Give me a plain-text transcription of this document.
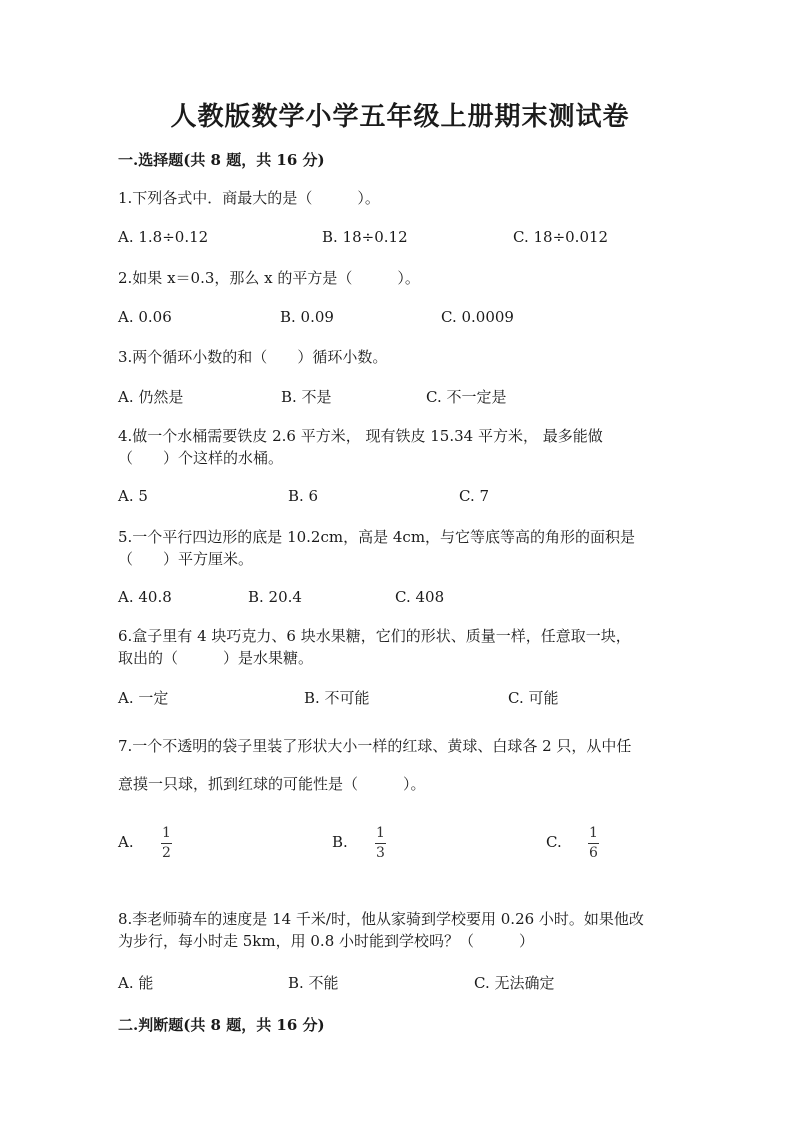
人教版数学小学五年级上册期末测试卷
一.选择题(共 8 题，共 16 分)
1.下列各式中．商最大的是（　　　）。
A. 1.8÷0.12	B. 18÷0.12	C. 18÷0.012
2.如果 x＝0.3，那么 x 的平方是（　　　）。
A. 0.06	B. 0.09	C. 0.0009
3.两个循环小数的和（　　）循环小数。
A. 仍然是	B. 不是	C. 不一定是
4.做一个水桶需要铁皮 2.6 平方米， 现有铁皮 15.34 平方米， 最多能做
（　　）个这样的水桶。
A. 5	B. 6	C. 7
5.一个平行四边形的底是 10.2cm，高是 4cm，与它等底等高的角形的面积是
（　　）平方厘米。
A. 40.8	B. 20.4	C. 408
6.盒子里有 4 块巧克力、6 块水果糖，它们的形状、质量一样，任意取一块，
取出的（　　　）是水果糖。
A. 一定	B. 不可能	C. 可能
7.一个不透明的袋子里装了形状大小一样的红球、黄球、白球各 2 只，从中任
意摸一只球，抓到红球的可能性是（　　　）。
A. 1
2
B. 1
3
C. 1
6
8.李老师骑车的速度是 14 千米/时，他从家骑到学校要用 0.26 小时。如果他改
为步行，每小时走 5km，用 0.8 小时能到学校吗？（　　　）
A. 能	B. 不能	C. 无法确定
二.判断题(共 8 题，共 16 分)
